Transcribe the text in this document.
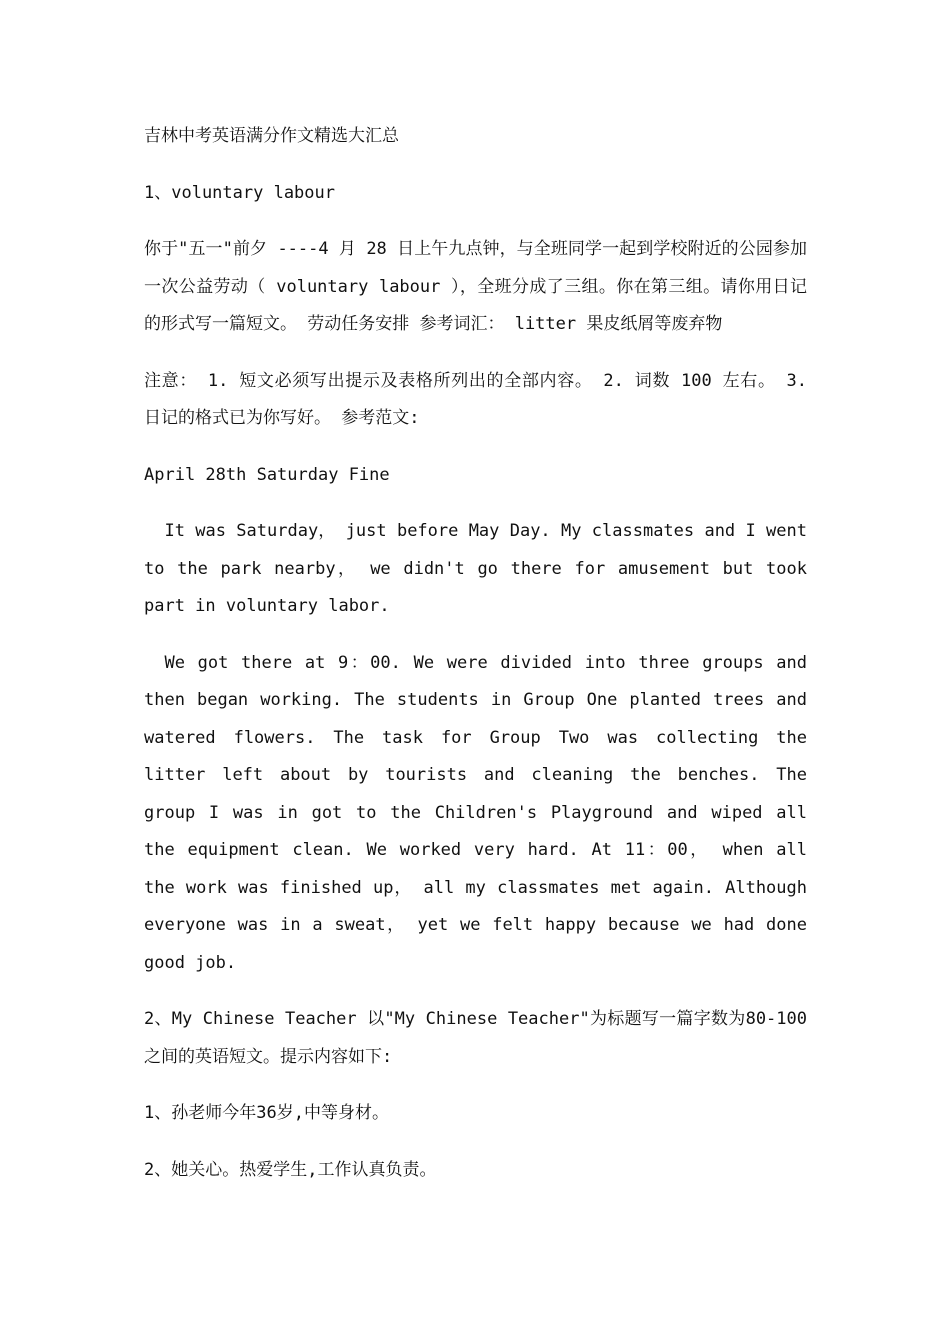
吉林中考英语满分作文精选大汇总

1、voluntary labour

你于"五一"前夕 ----4 月 28 日上午九点钟，与全班同学一起到学校附近的公园参加一次公益劳动（ voluntary labour ），全班分成了三组。你在第三组。请你用日记的形式写一篇短文。 劳动任务安排 参考词汇： litter 果皮纸屑等废弃物

注意： 1. 短文必须写出提示及表格所列出的全部内容。 2. 词数 100 左右。 3. 日记的格式已为你写好。 参考范文:

April 28th Saturday Fine

It was Saturday， just before May Day. My classmates and I went to the park nearby， we didn't go there for amusement but took part in voluntary labor.

We got there at 9：00. We were divided into three groups and then began working. The students in Group One planted trees and watered flowers. The task for Group Two was collecting the litter left about by tourists and cleaning the benches. The group I was in got to the Children's Playground and wiped all the equipment clean. We worked very hard. At 11：00， when all the work was finished up， all my classmates met again. Although everyone was in a sweat， yet we felt happy because we had done good job.

2、My Chinese Teacher 以"My Chinese Teacher"为标题写一篇字数为80-100之间的英语短文。提示内容如下:

1、孙老师今年36岁,中等身材。

2、她关心。热爱学生,工作认真负责。
